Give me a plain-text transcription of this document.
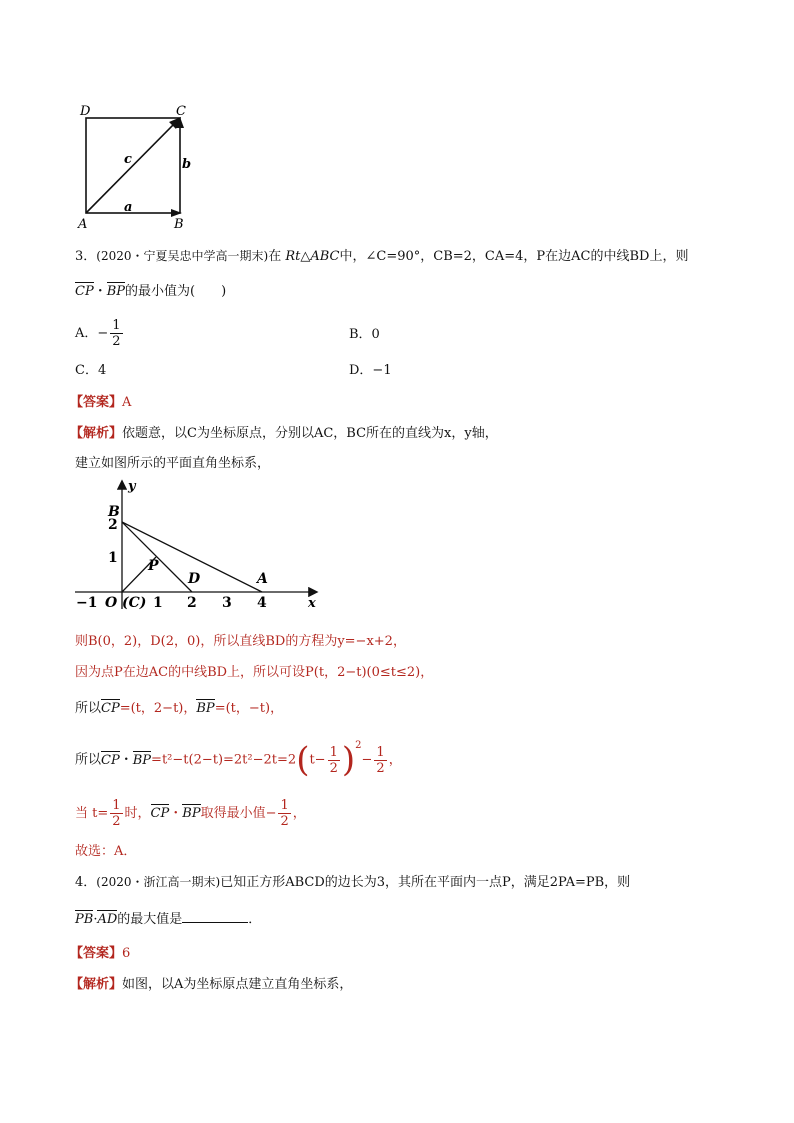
D	C
A	B
c	b
a
3．(2020・宁夏吴忠中学高一期末)在 Rt△ABC中，∠C=90°，CB=2，CA=4，P在边AC的中线BD上，则
CP・BP的最小值为(　　)
A．− $\frac{1}{2}$	B．0
C．4	D．−1
【答案】A
【解析】依题意，以C为坐标原点，分别以AC，BC所在的直线为x，y轴，
建立如图所示的平面直角坐标系，
y
x
B
P
D	A
O (C)
−1	1 2 3 4
1
2
则B(0，2)，D(2，0)，所以直线BD的方程为y=−x+2，
因为点P在边AC的中线BD上，所以可设P(t，2−t)(0≤t≤2)，
所以CP=(t，2−t)，BP=(t，−t)，
所以CP・$BP=t^2-t(2-t)=2t^2-2t=2(t- \frac{1}{2} )^2- \frac{1}{2}$ ，
当 $t= \frac{1}{2}$ 时，CP・BP取得最小值− $\frac{1}{2}$ ，
故选：A．
4．(2020・浙江高一期末)已知正方形ABCD的边长为3，其所在平面内一点P，满足2PA=PB，则
PB·AD的最大值是	．
【答案】6
【解析】如图，以A为坐标原点建立直角坐标系，
